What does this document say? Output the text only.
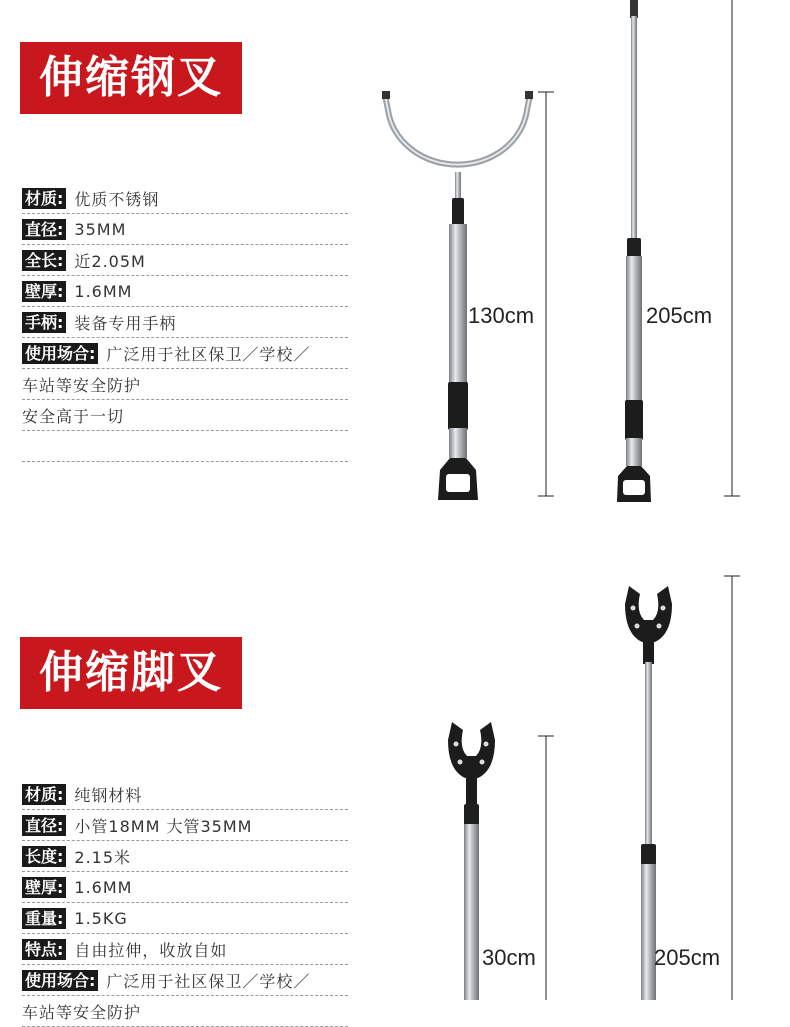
伸缩钢叉
材质: 优质不锈钢
直径: 35MM
全长: 近2.05M
壁厚: 1.6MM
手柄: 装备专用手柄
使用场合: 广泛用于社区保卫／学校／
车站等安全防护
安全高于一切
伸缩脚叉
材质: 纯钢材料
直径: 小管18MM 大管35MM
长度: 2.15米
壁厚: 1.6MM
重量: 1.5KG
特点: 自由拉伸，收放自如
使用场合: 广泛用于社区保卫／学校／
车站等安全防护
130cm	205cm
30cm	205cm
